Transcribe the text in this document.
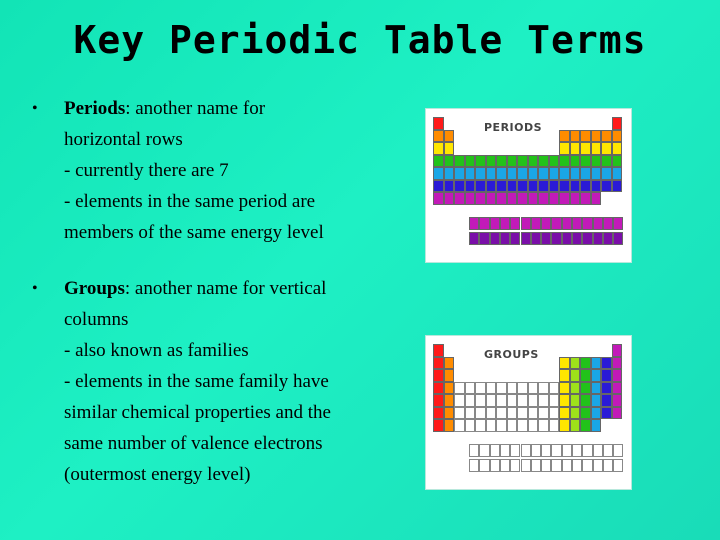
Key Periodic Table Terms
• Periods: another name for
horizontal rows
- currently there are 7
- elements in the same period are
members of the same energy level
• Groups: another name for vertical
columns
- also known as families
- elements in the same family have
similar chemical properties and the
same number of valence electrons
(outermost energy level)
PERIODS
GROUPS
